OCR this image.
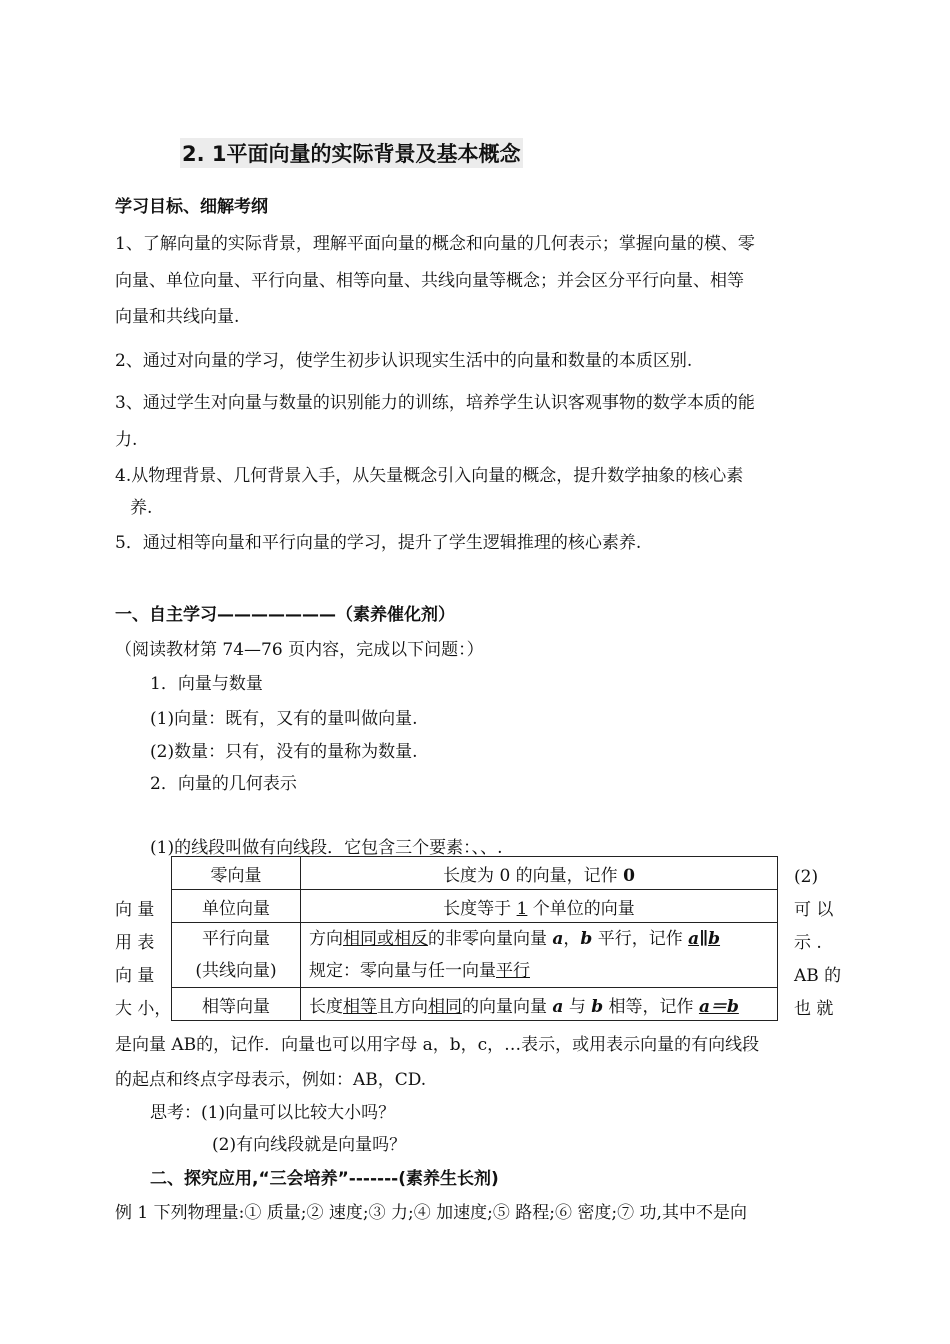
2. 1平面向量的实际背景及基本概念
学习目标、细解考纲
1、了解向量的实际背景，理解平面向量的概念和向量的几何表示；掌握向量的模、零
向量、单位向量、平行向量、相等向量、共线向量等概念；并会区分平行向量、相等
向量和共线向量.
2、通过对向量的学习，使学生初步认识现实生活中的向量和数量的本质区别.
3、通过学生对向量与数量的识别能力的训练，培养学生认识客观事物的数学本质的能
力.
4.从物理背景、几何背景入手，从矢量概念引入向量的概念，提升数学抽象的核心素
养.
5．通过相等向量和平行向量的学习，提升了学生逻辑推理的核心素养.
一、自主学习———————（素养催化剂）
（阅读教材第 74—76 页内容，完成以下问题：）
1．向量与数量
(1)向量：既有，又有的量叫做向量.
(2)数量：只有，没有的量称为数量.
2．向量的几何表示
(1)的线段叫做有向线段．它包含三个要素：、、.
零向量	长度为 0 的向量，记作 0
单位向量	长度等于 1 个单位的向量
平行向量
(共线向量)	方向相同或相反的非零向量向量 a，b 平行，记作 a∥b
规定：零向量与任一向量平行
相等向量	长度相等且方向相同的向量向量 a 与 b 相等，记作 a＝b
向 量
用 表
向 量
大 小，
(2)
可 以
示 .
AB 的
也 就
是向量 AB的，记作．向量也可以用字母 a，b，c，…表示，或用表示向量的有向线段
的起点和终点字母表示，例如：AB，CD.
思考：(1)向量可以比较大小吗？
(2)有向线段就是向量吗？
二、探究应用,“三会培养”-------(素养生长剂)
例 1 下列物理量:① 质量;② 速度;③ 力;④ 加速度;⑤ 路程;⑥ 密度;⑦ 功,其中不是向
